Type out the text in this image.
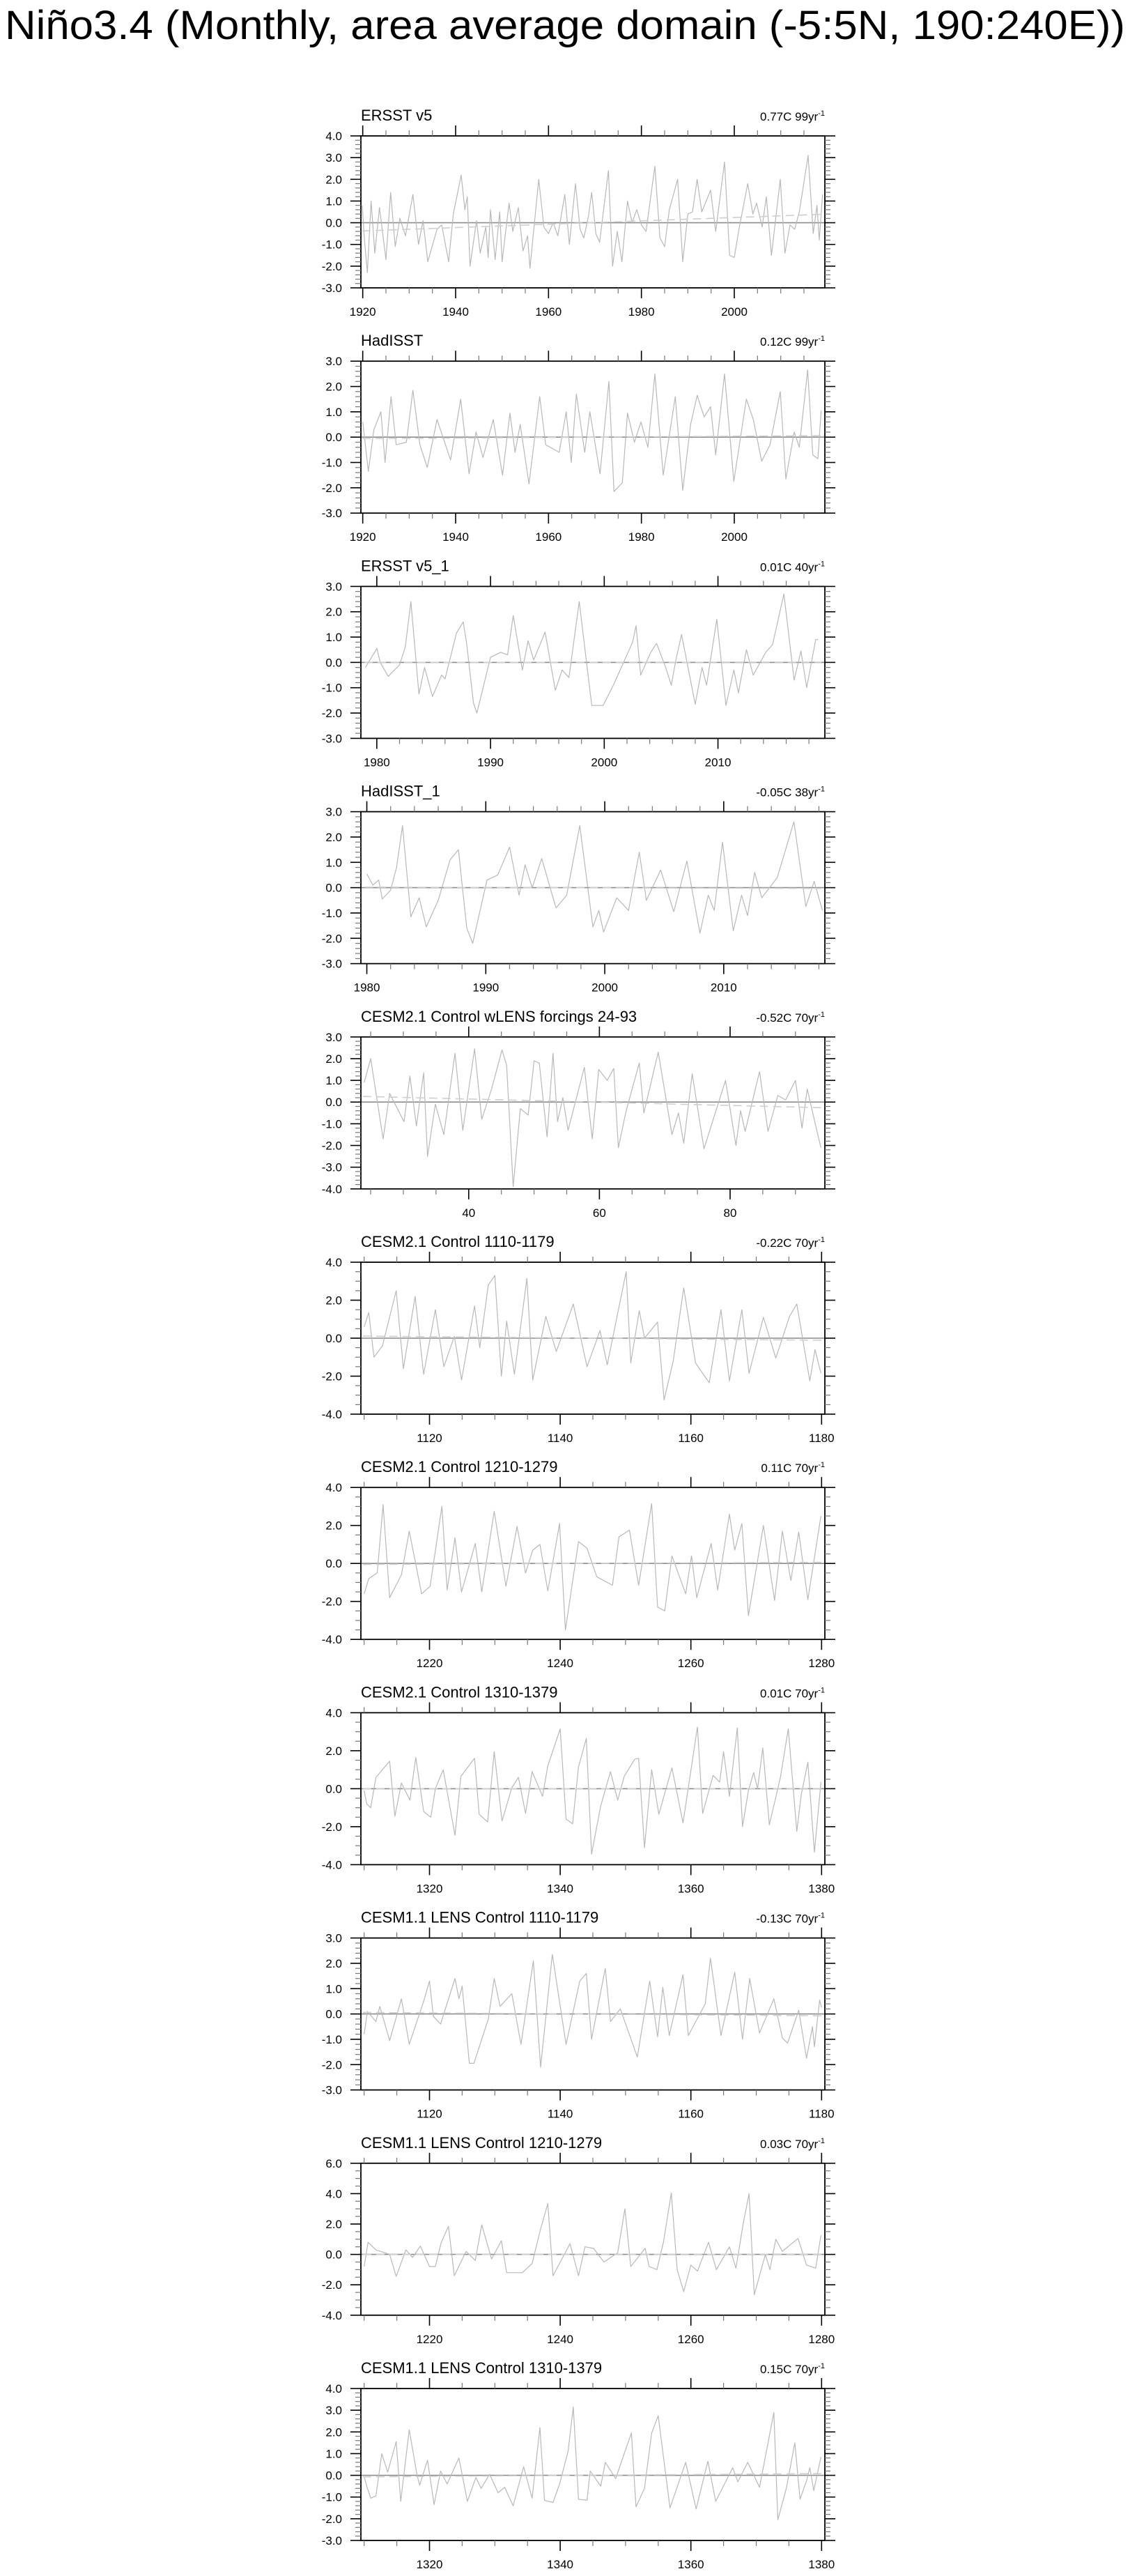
Niño3.4 (Monthly, area average domain (-5:5N, 190:240E))
ERSST v5	0.77C $99yr^{-1}$
4.0
3.0
2.0
1.0
0.0
-1.0
-2.0
-3.0
1920	1940	1960	1980	2000
HadISST	0.12C $99yr^{-1}$
3.0
2.0
1.0
0.0
-1.0
-2.0
-3.0
1920	1940	1960	1980	2000
ERSST v5_1	0.01C $40yr^{-1}$
3.0
2.0
1.0
0.0
-1.0
-2.0
-3.0
1980	1990	2000	2010
HadISST_1	-0.05C $38yr^{-1}$
3.0
2.0
1.0
0.0
-1.0
-2.0
-3.0
1980	1990	2000	2010
CESM2.1 Control wLENS forcings 24-93	-0.52C $70yr^{-1}$
3.0
2.0
1.0
0.0
-1.0
-2.0
-3.0
-4.0
40	60	80
CESM2.1 Control 1110-1179	-0.22C $70yr^{-1}$
4.0
2.0
0.0
-2.0
-4.0
1120	1140	1160	1180
CESM2.1 Control 1210-1279	0.11C $70yr^{-1}$
4.0
2.0
0.0
-2.0
-4.0
1220	1240	1260	1280
CESM2.1 Control 1310-1379	0.01C $70yr^{-1}$
4.0
2.0
0.0
-2.0
-4.0
1320	1340	1360	1380
CESM1.1 LENS Control 1110-1179	-0.13C $70yr^{-1}$
3.0
2.0
1.0
0.0
-1.0
-2.0
-3.0
1120	1140	1160	1180
CESM1.1 LENS Control 1210-1279	0.03C $70yr^{-1}$
6.0
4.0
2.0
0.0
-2.0
-4.0
1220	1240	1260	1280
CESM1.1 LENS Control 1310-1379	0.15C $70yr^{-1}$
4.0
3.0
2.0
1.0
0.0
-1.0
-2.0
-3.0
1320	1340	1360	1380
